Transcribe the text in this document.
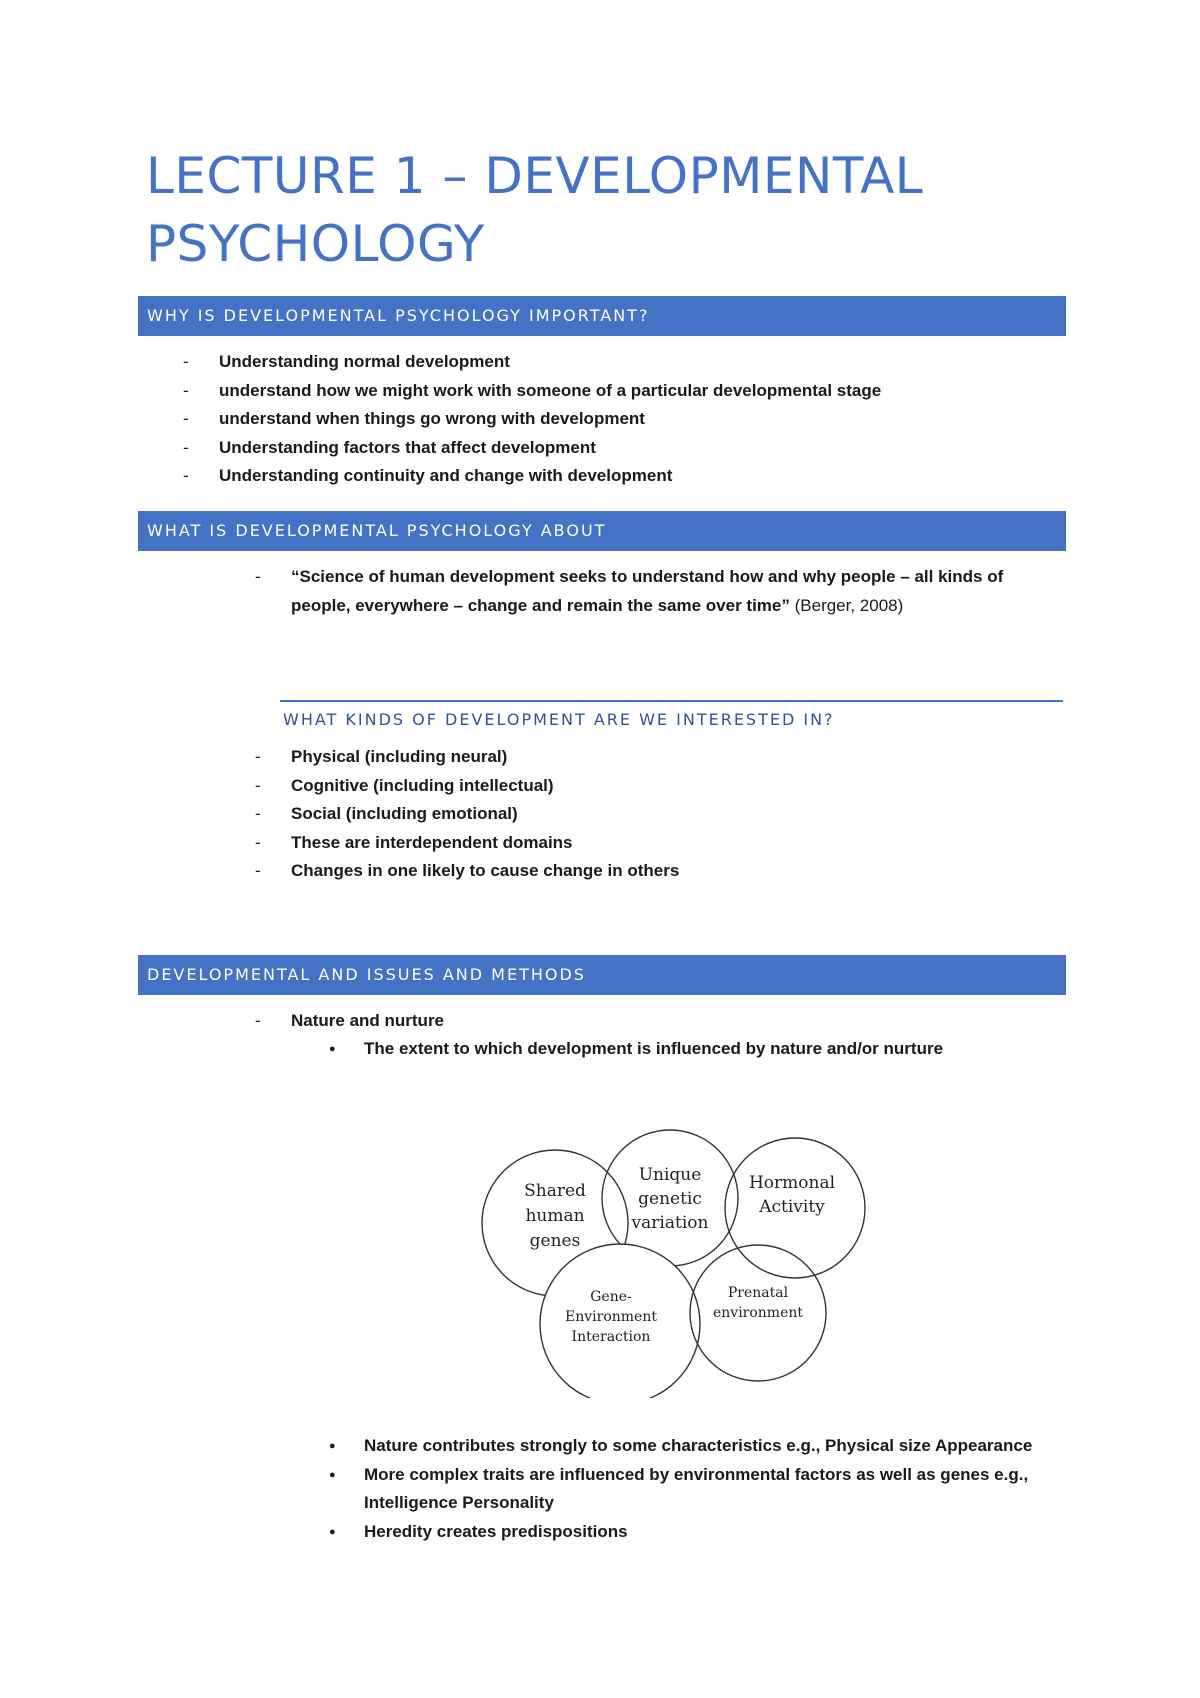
LECTURE 1 – DEVELOPMENTAL PSYCHOLOGY
WHY IS DEVELOPMENTAL PSYCHOLOGY IMPORTANT?
- Understanding normal development
- understand how we might work with someone of a particular developmental stage
- understand when things go wrong with development
- Understanding factors that affect development
- Understanding continuity and change with development
WHAT IS DEVELOPMENTAL PSYCHOLOGY ABOUT

- “Science of human development seeks to understand how and why people – all kinds of people, everywhere – change and remain the same over time” (Berger, 2008)

WHAT KINDS OF DEVELOPMENT ARE WE INTERESTED IN?
- Physical (including neural)
- Cognitive (including intellectual)
- Social (including emotional)
- These are interdependent domains
- Changes in one likely to cause change in others
DEVELOPMENTAL AND ISSUES AND METHODS
- Nature and nurture
● The extent to which development is influenced by nature and/or nurture
Shared
human
genes
Unique
genetic
variation
Hormonal
Activity
Gene-
Environment
Interaction
Prenatal
environment
● Nature contributes strongly to some characteristics e.g., Physical size Appearance
● More complex traits are influenced by environmental factors as well as genes e.g., Intelligence Personality
● Heredity creates predispositions
